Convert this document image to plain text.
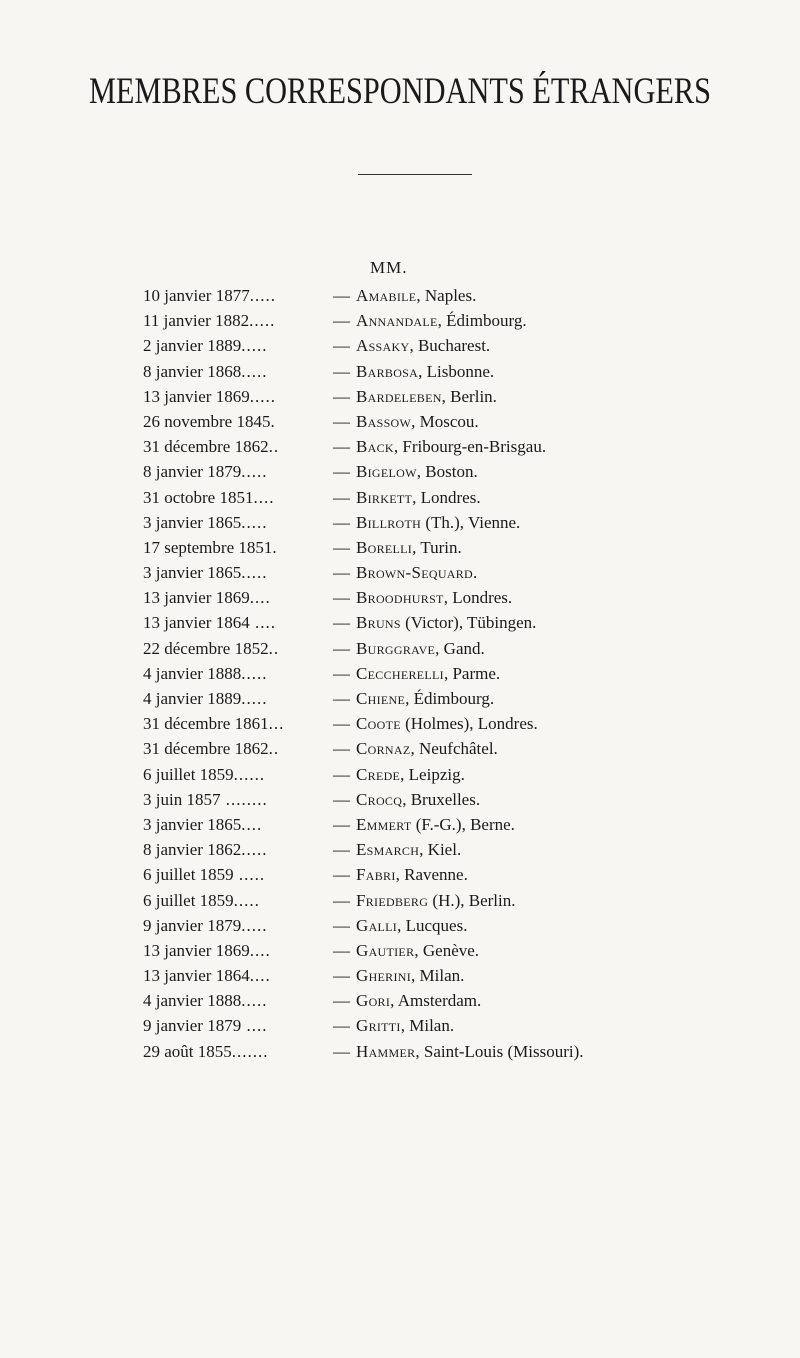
MEMBRES CORRESPONDANTS ÉTRANGERS
MM.
10 janvier 1877.....	— Amabile, Naples.
11 janvier 1882.....	— Annandale, Édimbourg.
2 janvier 1889.....	— Assaky, Bucharest.
8 janvier 1868.....	— Barbosa, Lisbonne.
13 janvier 1869.....	— Bardeleben, Berlin.
26 novembre 1845.	— Bassow, Moscou.
31 décembre 1862..	— Back, Fribourg-en-Brisgau.
8 janvier 1879.....	— Bigelow, Boston.
31 octobre 1851....	— Birkett, Londres.
3 janvier 1865.....	— Billroth (Th.), Vienne.
17 septembre 1851.	— Borelli, Turin.
3 janvier 1865.....	— Brown-Sequard.
13 janvier 1869....	— Broodhurst, Londres.
13 janvier 1864 ....	— Bruns (Victor), Tübingen.
22 décembre 1852..	— Burggrave, Gand.
4 janvier 1888.....	— Ceccherelli, Parme.
4 janvier 1889.....	— Chiene, Édimbourg.
31 décembre 1861...	— Coote (Holmes), Londres.
31 décembre 1862..	— Cornaz, Neufchâtel.
6 juillet 1859......	— Crede, Leipzig.
3 juin 1857 ........	— Crocq, Bruxelles.
3 janvier 1865....	— Emmert (F.-G.), Berne.
8 janvier 1862.....	— Esmarch, Kiel.
6 juillet 1859 .....	— Fabri, Ravenne.
6 juillet 1859.....	— Friedberg (H.), Berlin.
9 janvier 1879.....	— Galli, Lucques.
13 janvier 1869....	— Gautier, Genève.
13 janvier 1864....	— Gherini, Milan.
4 janvier 1888.....	— Gori, Amsterdam.
9 janvier 1879 ....	— Gritti, Milan.
29 août 1855.......	— Hammer, Saint-Louis (Missouri).
